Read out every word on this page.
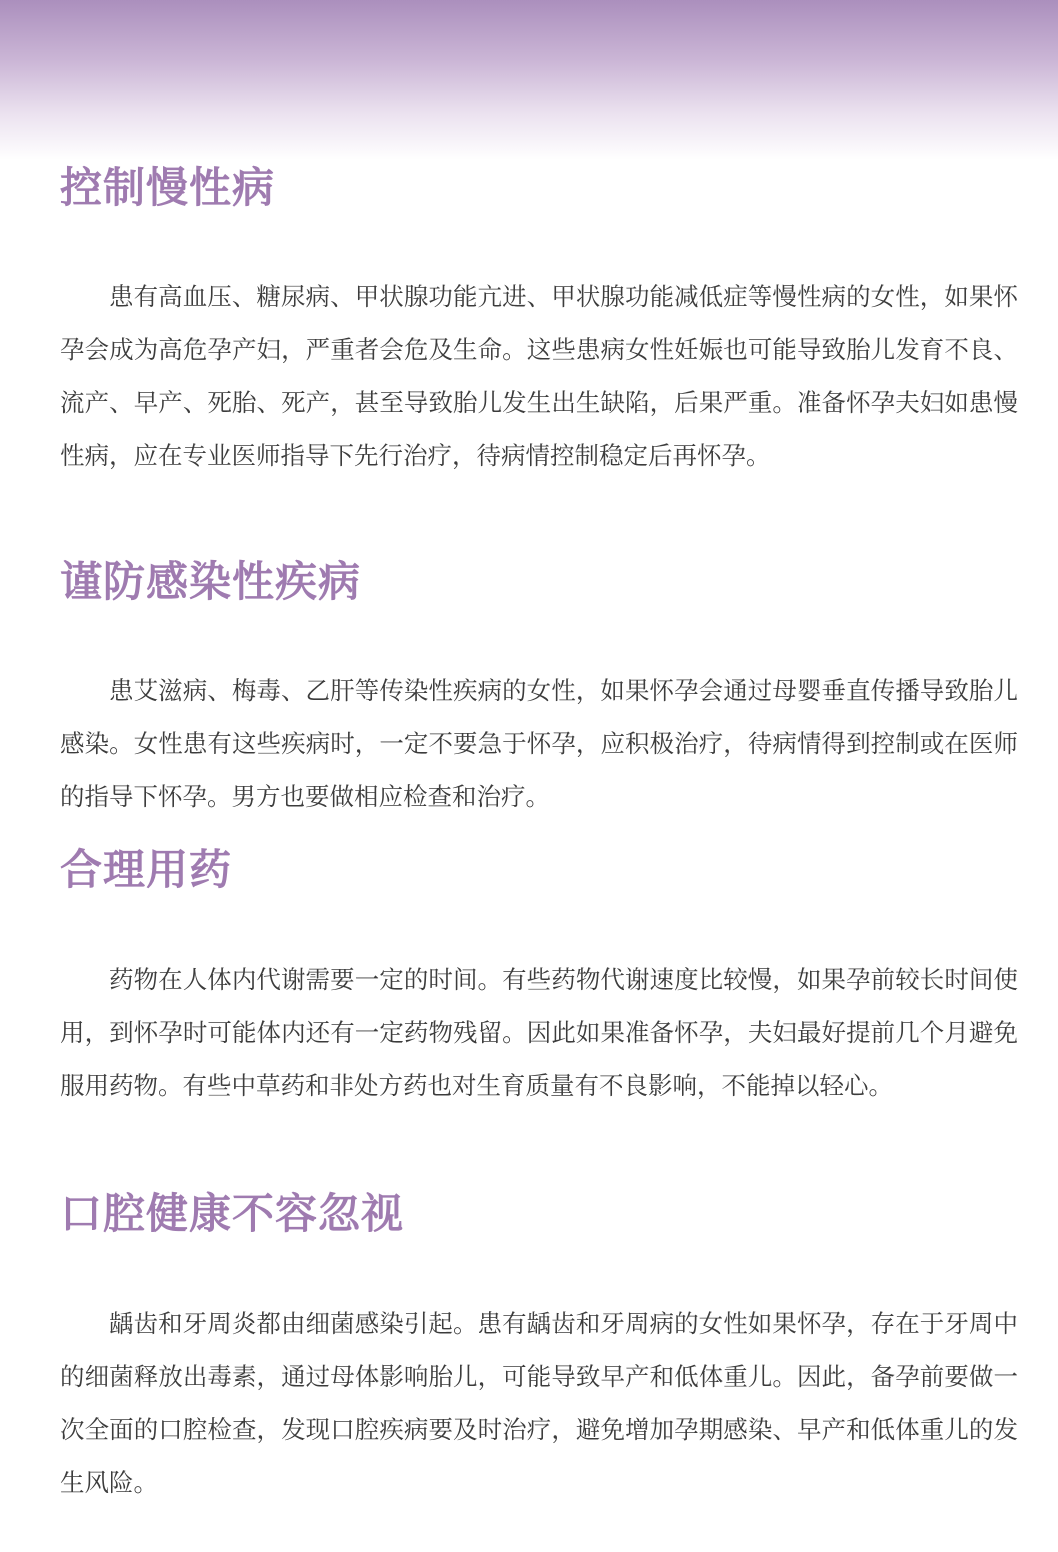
控制慢性病

患有高血压、糖尿病、甲状腺功能亢进、甲状腺功能减低症等慢性病的女性，如果怀孕会成为高危孕产妇，严重者会危及生命。这些患病女性妊娠也可能导致胎儿发育不良、流产、早产、死胎、死产，甚至导致胎儿发生出生缺陷，后果严重。准备怀孕夫妇如患慢性病，应在专业医师指导下先行治疗，待病情控制稳定后再怀孕。

谨防感染性疾病

患艾滋病、梅毒、乙肝等传染性疾病的女性，如果怀孕会通过母婴垂直传播导致胎儿感染。女性患有这些疾病时，一定不要急于怀孕，应积极治疗，待病情得到控制或在医师的指导下怀孕。男方也要做相应检查和治疗。

合理用药

药物在人体内代谢需要一定的时间。有些药物代谢速度比较慢，如果孕前较长时间使用，到怀孕时可能体内还有一定药物残留。因此如果准备怀孕，夫妇最好提前几个月避免服用药物。有些中草药和非处方药也对生育质量有不良影响，不能掉以轻心。

口腔健康不容忽视

龋齿和牙周炎都由细菌感染引起。患有龋齿和牙周病的女性如果怀孕，存在于牙周中的细菌释放出毒素，通过母体影响胎儿，可能导致早产和低体重儿。因此，备孕前要做一次全面的口腔检查，发现口腔疾病要及时治疗，避免增加孕期感染、早产和低体重儿的发生风险。
